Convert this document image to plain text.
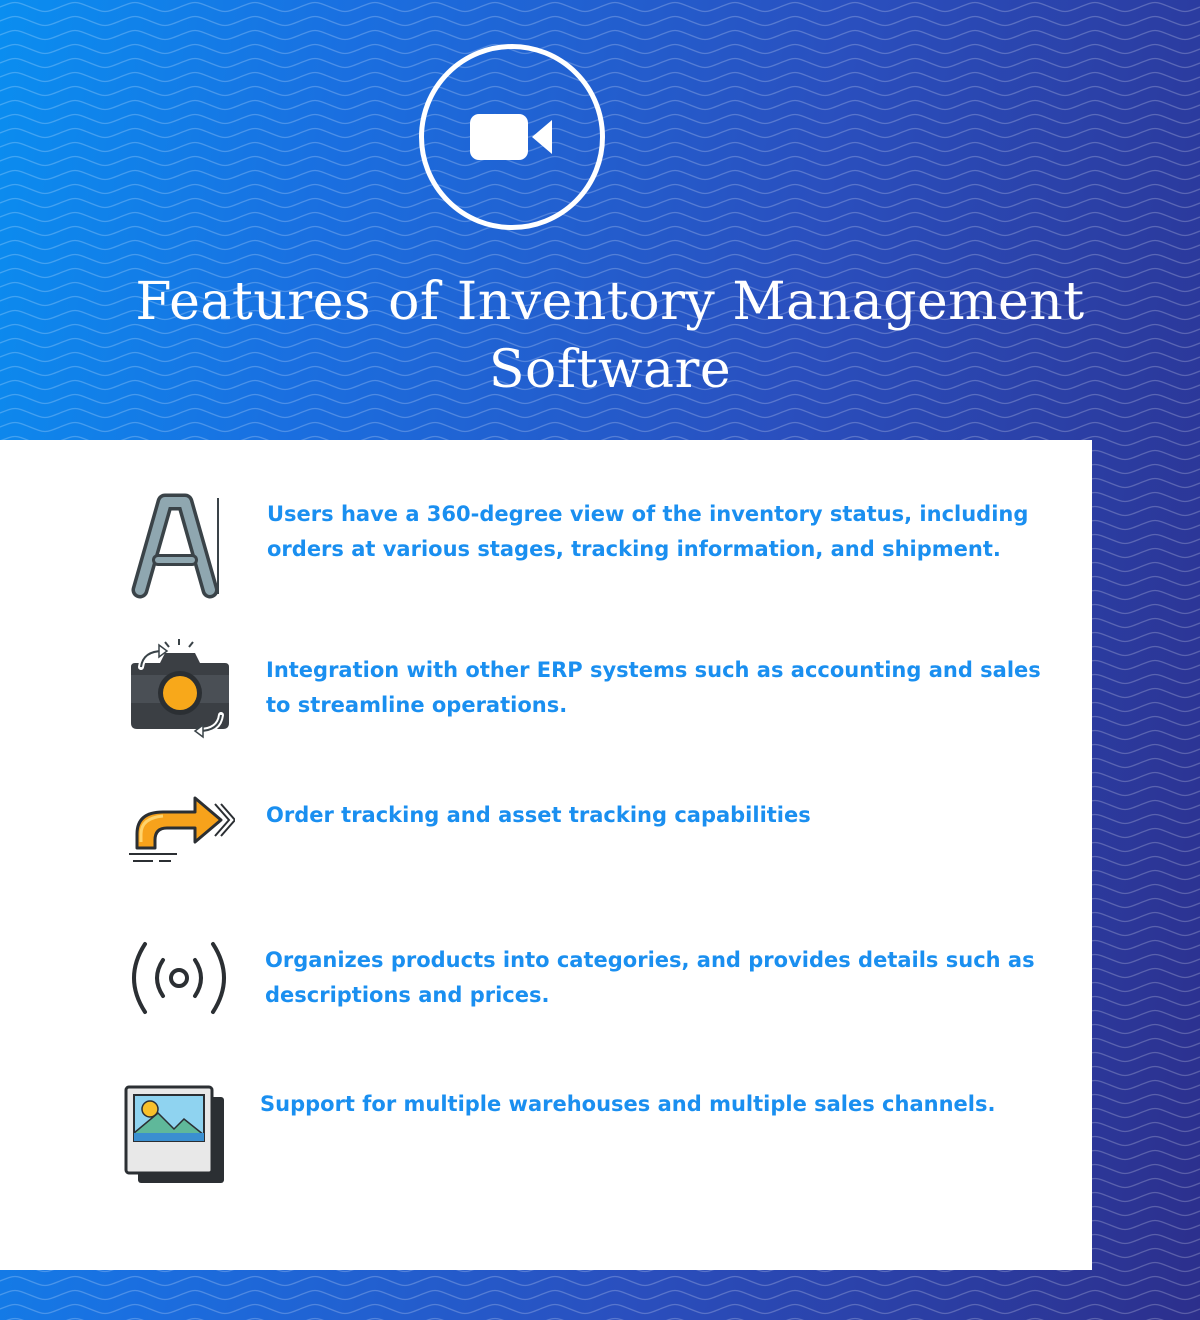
Features of Inventory Management Software

Users have a 360-degree view of the inventory status, including orders at various stages, tracking information, and shipment.

Integration with other ERP systems such as accounting and sales to streamline operations.

Order tracking and asset tracking capabilities

Organizes products into categories, and provides details such as descriptions and prices.

Support for multiple warehouses and multiple sales channels.
